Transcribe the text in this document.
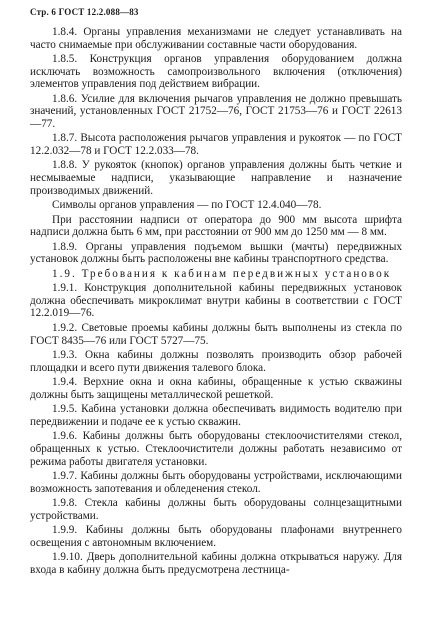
Стр. 6 ГОСТ 12.2.088—83

1.8.4. Органы управления механизмами не следует устанавливать на часто снимаемые при обслуживании составные части оборудования.

1.8.5. Конструкция органов управления оборудованием должна исключать возможность самопроизвольного включения (отключения) элементов управления под действием вибрации.

1.8.6. Усилие для включения рычагов управления не должно превышать значений, установленных ГОСТ 21752—76, ГОСТ 21753—76 и ГОСТ 22613—77.

1.8.7. Высота расположения рычагов управления и рукояток — по ГОСТ 12.2.032—78 и ГОСТ 12.2.033—78.

1.8.8. У рукояток (кнопок) органов управления должны быть четкие и несмываемые надписи, указывающие направление и назначение производимых движений.

Символы органов управления — по ГОСТ 12.4.040—78.

При расстоянии надписи от оператора до 900 мм высота шрифта надписи должна быть 6 мм, при расстоянии от 900 мм до 1250 мм — 8 мм.

1.8.9. Органы управления подъемом вышки (мачты) передвижных установок должны быть расположены вне кабины транспортного средства.

1.9. Требования к кабинам передвижных установок

1.9.1. Конструкция дополнительной кабины передвижных установок должна обеспечивать микроклимат внутри кабины в соответствии с ГОСТ 12.2.019—76.

1.9.2. Световые проемы кабины должны быть выполнены из стекла по ГОСТ 8435—76 или ГОСТ 5727—75.

1.9.3. Окна кабины должны позволять производить обзор рабочей площадки и всего пути движения талевого блока.

1.9.4. Верхние окна и окна кабины, обращенные к устью скважины должны быть защищены металлической решеткой.

1.9.5. Кабина установки должна обеспечивать видимость водителю при передвижении и подаче ее к устью скважин.

1.9.6. Кабины должны быть оборудованы стеклоочистителями стекол, обращенных к устью. Стеклоочистители должны работать независимо от режима работы двигателя установки.

1.9.7. Кабины должны быть оборудованы устройствами, исключающими возможность запотевания и обледенения стекол.

1.9.8. Стекла кабины должны быть оборудованы солнцезащитными устройствами.

1.9.9. Кабины должны быть оборудованы плафонами внутреннего освещения с автономным включением.

1.9.10. Дверь дополнительной кабины должна открываться наружу. Для входа в кабину должна быть предусмотрена лестница-
